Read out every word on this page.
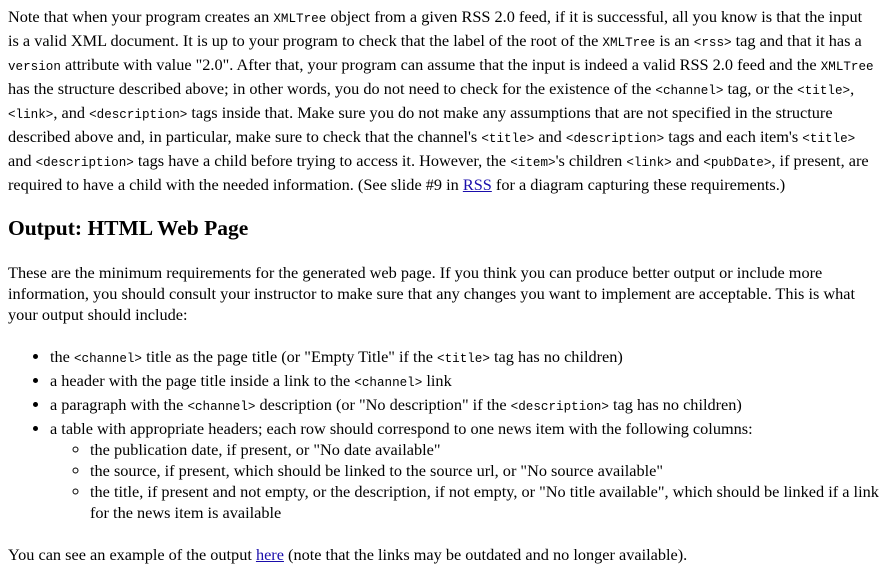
Note that when your program creates an XMLTree object from a given RSS 2.0 feed, if it is successful, all you know is that the input is a valid XML document. It is up to your program to check that the label of the root of the XMLTree is an <rss> tag and that it has a version attribute with value "2.0". After that, your program can assume that the input is indeed a valid RSS 2.0 feed and the XMLTree has the structure described above; in other words, you do not need to check for the existence of the <channel> tag, or the <title>, <link>, and <description> tags inside that. Make sure you do not make any assumptions that are not specified in the structure described above and, in particular, make sure to check that the channel's <title> and <description> tags and each item's <title> and <description> tags have a child before trying to access it. However, the <item>'s children <link> and <pubDate>, if present, are required to have a child with the needed information. (See slide #9 in RSS for a diagram capturing these requirements.)

Output: HTML Web Page

These are the minimum requirements for the generated web page. If you think you can produce better output or include more information, you should consult your instructor to make sure that any changes you want to implement are acceptable. This is what your output should include:

• the <channel> title as the page title (or "Empty Title" if the <title> tag has no children)
• a header with the page title inside a link to the <channel> link
• a paragraph with the <channel> description (or "No description" if the <description> tag has no children)
• a table with appropriate headers; each row should correspond to one news item with the following columns:
◦ the publication date, if present, or "No date available"
◦ the source, if present, which should be linked to the source url, or "No source available"
◦ the title, if present and not empty, or the description, if not empty, or "No title available", which should be linked if a link for the news item is available

You can see an example of the output here (note that the links may be outdated and no longer available).
